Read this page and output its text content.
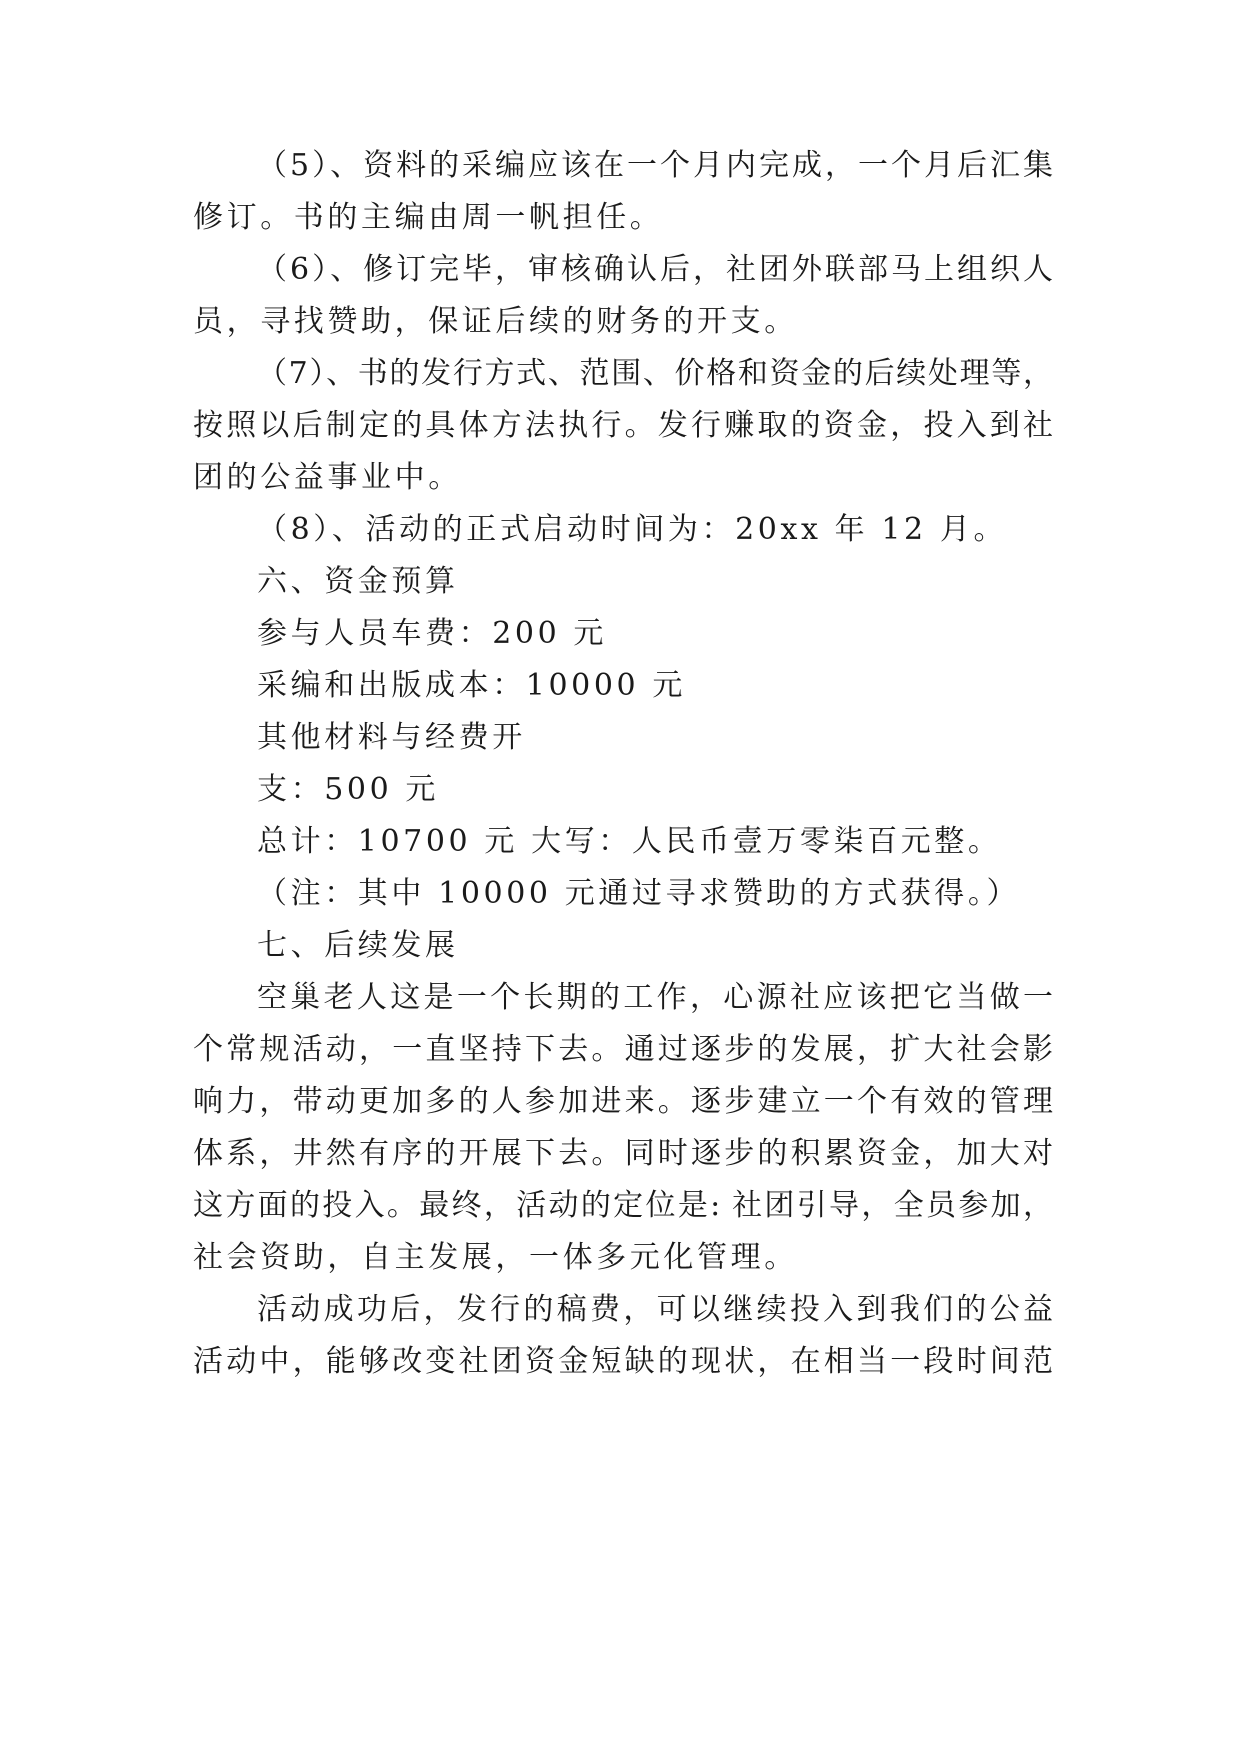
（5）、资料的采编应该在一个月内完成，一个月后汇集
修订。书的主编由周一帆担任。
（6）、修订完毕，审核确认后，社团外联部马上组织人
员，寻找赞助，保证后续的财务的开支。
（7）、书的发行方式、范围、价格和资金的后续处理等，
按照以后制定的具体方法执行。发行赚取的资金，投入到社
团的公益事业中。
（8）、活动的正式启动时间为：20xx 年 12 月。
六、资金预算
参与人员车费：200 元
采编和出版成本：10000 元
其他材料与经费开
支：500 元
总计：10700 元 大写：人民币壹万零柒百元整。
（注：其中 10000 元通过寻求赞助的方式获得。）
七、后续发展
空巢老人这是一个长期的工作，心源社应该把它当做一
个常规活动，一直坚持下去。通过逐步的发展，扩大社会影
响力，带动更加多的人参加进来。逐步建立一个有效的管理
体系，井然有序的开展下去。同时逐步的积累资金，加大对
这方面的投入。最终，活动的定位是: 社团引导，全员参加，
社会资助，自主发展，一体多元化管理。
活动成功后，发行的稿费，可以继续投入到我们的公益
活动中，能够改变社团资金短缺的现状，在相当一段时间范
